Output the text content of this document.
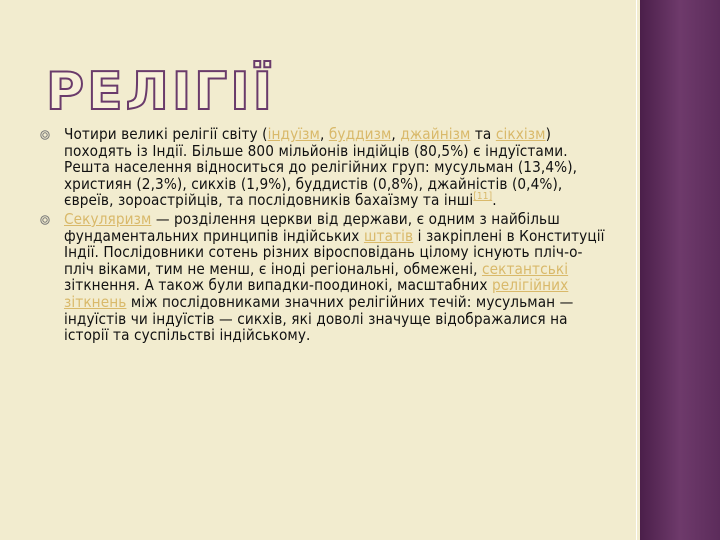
РЕЛІГІЇ

Чотири великі релігії світу (індуїзм, буддизм, джайнізм та сікхізм) походять із Індії. Більше 800 мільйонів індійців (80,5%) є індуїстами. Решта населення відноситься до релігійних груп: мусульман (13,4%), християн (2,3%), сикхів (1,9%), буддистів (0,8%), джайністів (0,4%), євреїв, зороастрійців, та послідовників бахаїзму та інші[11].

Секуляризм — розділення церкви від держави, є одним з найбільш фундаментальних принципів індійських штатів і закріплені в Конституції Індії. Послідовники сотень різних віросповідань цілому існують пліч-о-пліч віками, тим не менш, є іноді регіональні, обмежені, сектантські зіткнення. А також були випадки-поодинокі, масштабних релігійних зіткнень між послідовниками значних релігійних течій: мусульман — індуїстів чи індуїстів — сикхів, які доволі значуще відображалися на історії та суспільстві індійському.
